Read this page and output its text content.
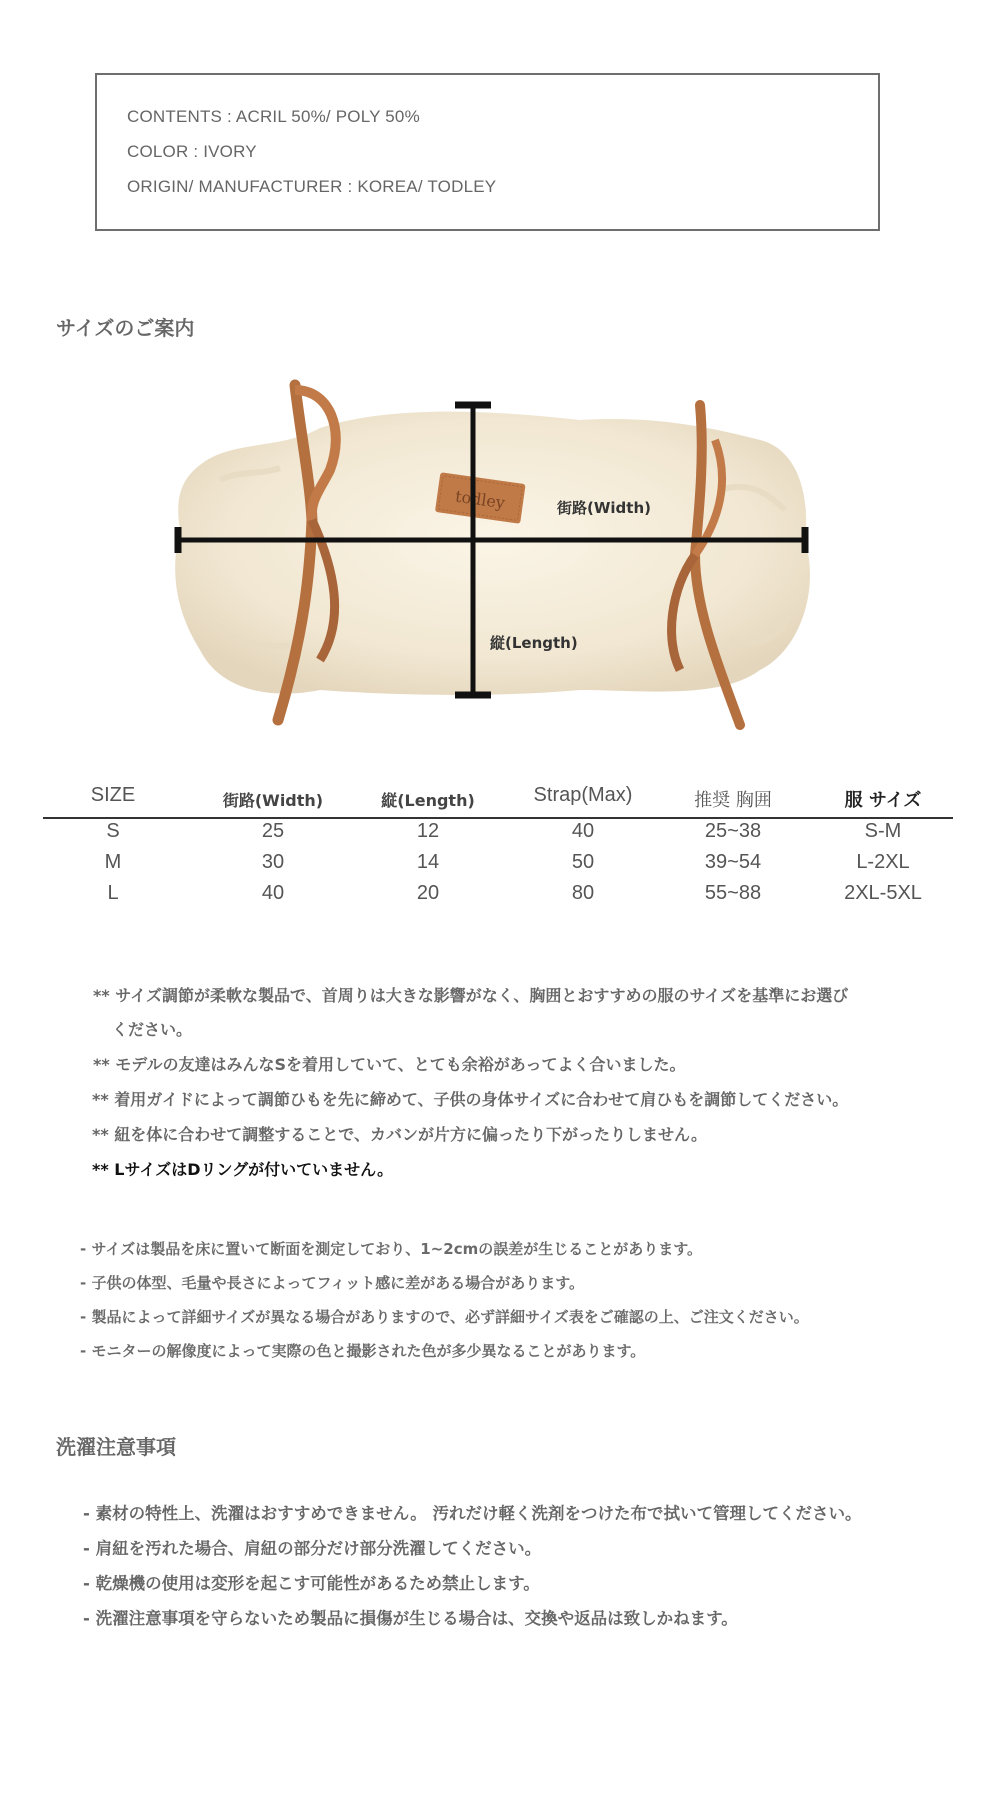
CONTENTS : ACRIL 50%/ POLY 50%
COLOR : IVORY
ORIGIN/ MANUFACTURER : KOREA/ TODLEY
サイズのご案内
todley	街路(Width)
縦(Length)
SIZE	街路(Width)	縦(Length)	Strap(Max)	推奨 胸囲	服 サイズ
S	25	12	40	25~38	S-M
M	30	14	50	39~54	L-2XL
L	40	20	80	55~88	2XL-5XL
** サイズ調節が柔軟な製品で、首周りは大きな影響がなく、胸囲とおすすめの服のサイズを基準にお選び
ください。
** モデルの友達はみんなSを着用していて、とても余裕があってよく合いました。
** 着用ガイドによって調節ひもを先に締めて、子供の身体サイズに合わせて肩ひもを調節してください。
** 紐を体に合わせて調整することで、カバンが片方に偏ったり下がったりしません。
** LサイズはDリングが付いていません。
- サイズは製品を床に置いて断面を測定しており、1~2cmの誤差が生じることがあります。
- 子供の体型、毛量や長さによってフィット感に差がある場合があります。
- 製品によって詳細サイズが異なる場合がありますので、必ず詳細サイズ表をご確認の上、ご注文ください。
- モニターの解像度によって実際の色と撮影された色が多少異なることがあります。
洗濯注意事項
- 素材の特性上、洗濯はおすすめできません。 汚れだけ軽く洗剤をつけた布で拭いて管理してください。
- 肩紐を汚れた場合、肩紐の部分だけ部分洗濯してください。
- 乾燥機の使用は変形を起こす可能性があるため禁止します。
- 洗濯注意事項を守らないため製品に損傷が生じる場合は、交換や返品は致しかねます。
